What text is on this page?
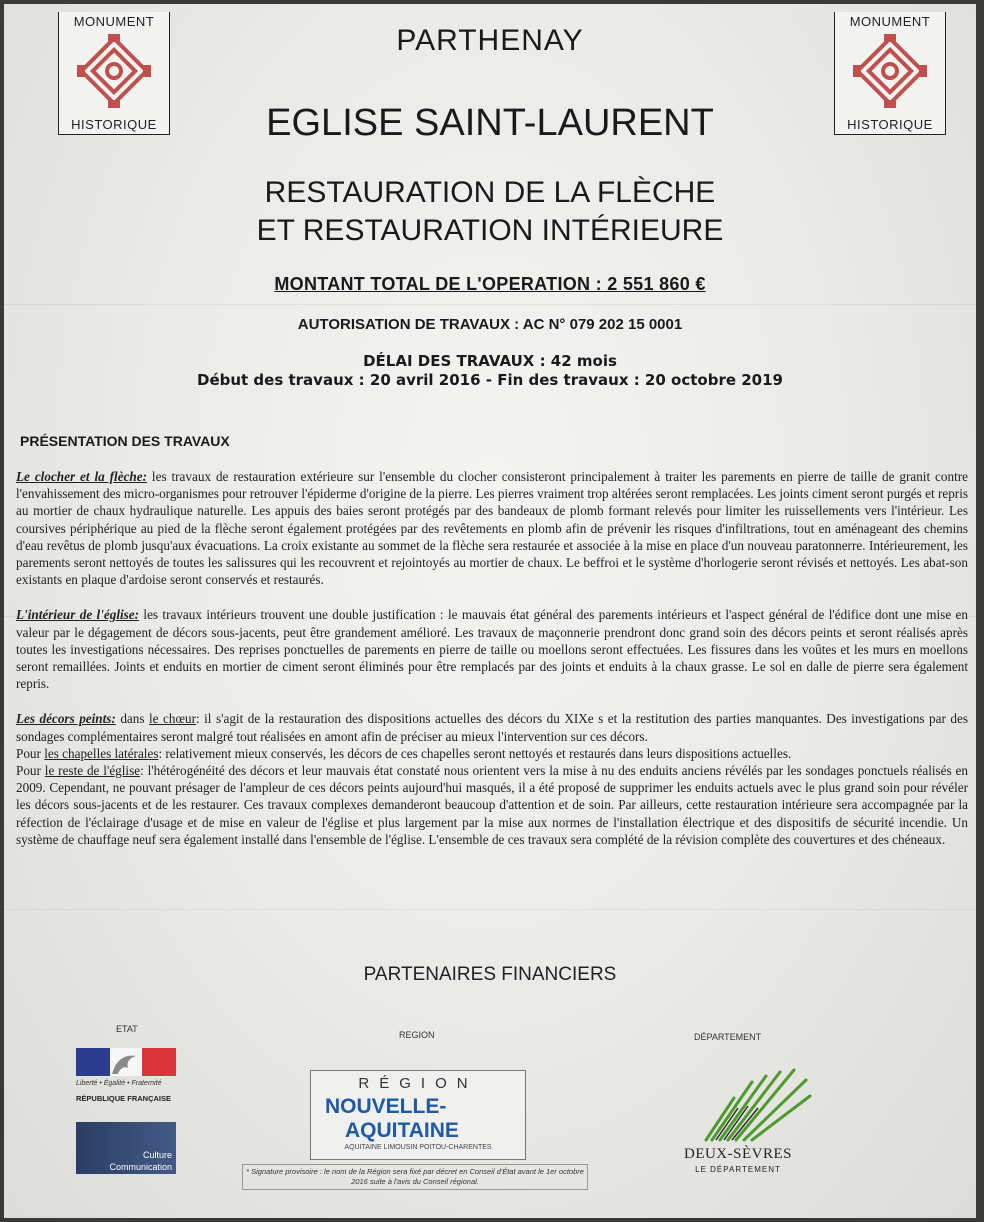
MONUMENT
HISTORIQUE
MONUMENT
HISTORIQUE
PARTHENAY
EGLISE SAINT-LAURENT
RESTAURATION DE LA FLÈCHE
ET RESTAURATION INTÉRIEURE
MONTANT TOTAL DE L'OPERATION : 2 551 860 €
AUTORISATION DE TRAVAUX : AC N° 079 202 15 0001
DÉLAI DES TRAVAUX : 42 mois
Début des travaux : 20 avril 2016 - Fin des travaux : 20 octobre 2019
PRÉSENTATION DES TRAVAUX

Le clocher et la flèche: les travaux de restauration extérieure sur l'ensemble du clocher consisteront principalement à traiter les parements en pierre de taille de granit contre l'envahissement des micro-organismes pour retrouver l'épiderme d'origine de la pierre. Les pierres vraiment trop altérées seront remplacées. Les joints ciment seront purgés et repris au mortier de chaux hydraulique naturelle. Les appuis des baies seront protégés par des bandeaux de plomb formant relevés pour limiter les ruissellements vers l'intérieur. Les coursives périphérique au pied de la flèche seront également protégées par des revêtements en plomb afin de prévenir les risques d'infiltrations, tout en aménageant des chemins d'eau revêtus de plomb jusqu'aux évacuations. La croix existante au sommet de la flèche sera restaurée et associée à la mise en place d'un nouveau paratonnerre. Intérieurement, les parements seront nettoyés de toutes les salissures qui les recouvrent et rejointoyés au mortier de chaux. Le beffroi et le système d'horlogerie seront révisés et nettoyés. Les abat-son existants en plaque d'ardoise seront conservés et restaurés.

L'intérieur de l'église: les travaux intérieurs trouvent une double justification : le mauvais état général des parements intérieurs et l'aspect général de l'édifice dont une mise en valeur par le dégagement de décors sous-jacents, peut être grandement amélioré. Les travaux de maçonnerie prendront donc grand soin des décors peints et seront réalisés après toutes les investigations nécessaires. Des reprises ponctuelles de parements en pierre de taille ou moellons seront effectuées. Les fissures dans les voûtes et les murs en moellons seront remaillées. Joints et enduits en mortier de ciment seront éliminés pour être remplacés par des joints et enduits à la chaux grasse. Le sol en dalle de pierre sera également repris.

Les décors peints: dans le chœur: il s'agit de la restauration des dispositions actuelles des décors du XIXe s et la restitution des parties manquantes. Des investigations par des sondages complémentaires seront malgré tout réalisées en amont afin de préciser au mieux l'intervention sur ces décors.
Pour les chapelles latérales: relativement mieux conservés, les décors de ces chapelles seront nettoyés et restaurés dans leurs dispositions actuelles.
Pour le reste de l'église: l'hétérogénéité des décors et leur mauvais état constaté nous orientent vers la mise à nu des enduits anciens révélés par les sondages ponctuels réalisés en 2009. Cependant, ne pouvant présager de l'ampleur de ces décors peints aujourd'hui masqués, il a été proposé de supprimer les enduits actuels avec le plus grand soin pour révéler les décors sous-jacents et de les restaurer. Ces travaux complexes demanderont beaucoup d'attention et de soin. Par ailleurs, cette restauration intérieure sera accompagnée par la réfection de l'éclairage d'usage et de mise en valeur de l'église et plus largement par la mise aux normes de l'installation électrique et des dispositifs de sécurité incendie. Un système de chauffage neuf sera également installé dans l'ensemble de l'église. L'ensemble de ces travaux sera complété de la révision complète des couvertures et des chéneaux.

PARTENAIRES FINANCIERS
ETAT
REGION	DÉPARTEMENT
Liberté • Égalité • Fraternité
RÉPUBLIQUE FRANÇAISE
Culture
Communication
RÉGION
NOUVELLE-
AQUITAINE
AQUITAINE LIMOUSIN POITOU-CHARENTES
* Signature provisoire : le nom de la Région sera fixé par décret en Conseil d'État avant le 1er octobre 2016 suite à l'avis du Conseil régional.
DEUX-SÈVRES
LE DÉPARTEMENT
